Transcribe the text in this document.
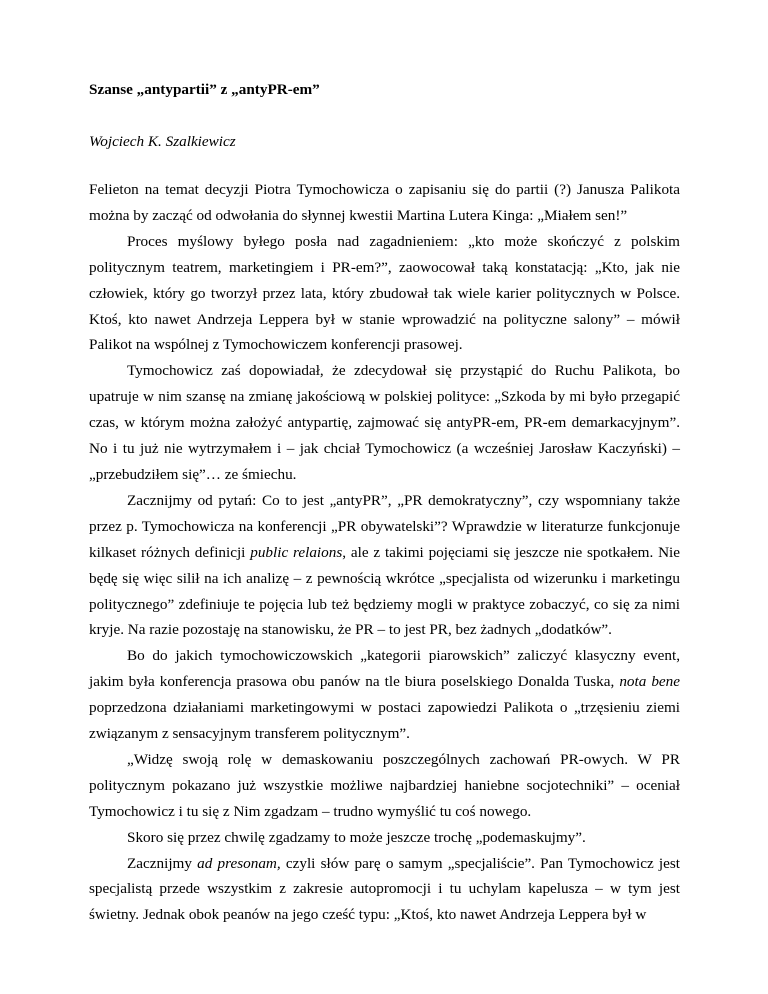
Szanse „antypartii” z „antyPR-em”
Wojciech K. Szalkiewicz

Felieton na temat decyzji Piotra Tymochowicza o zapisaniu się do partii (?) Janusza Palikota można by zacząć od odwołania do słynnej kwestii Martina Lutera Kinga: „Miałem sen!”

Proces myślowy byłego posła nad zagadnieniem: „kto może skończyć z polskim politycznym teatrem, marketingiem i PR-em?”, zaowocował taką konstatacją: „Kto, jak nie człowiek, który go tworzył przez lata, który zbudował tak wiele karier politycznych w Polsce. Ktoś, kto nawet Andrzeja Leppera był w stanie wprowadzić na polityczne salony” – mówił Palikot na wspólnej z Tymochowiczem konferencji prasowej.

Tymochowicz zaś dopowiadał, że zdecydował się przystąpić do Ruchu Palikota, bo upatruje w nim szansę na zmianę jakościową w polskiej polityce: „Szkoda by mi było przegapić czas, w którym można założyć antypartię, zajmować się antyPR-em, PR-em demarkacyjnym”. No i tu już nie wytrzymałem i – jak chciał Tymochowicz (a wcześniej Jarosław Kaczyński) – „przebudziłem się”… ze śmiechu.

Zacznijmy od pytań: Co to jest „antyPR”, „PR demokratyczny”, czy wspomniany także przez p. Tymochowicza na konferencji „PR obywatelski”? Wprawdzie w literaturze funkcjonuje kilkaset różnych definicji public relaions, ale z takimi pojęciami się jeszcze nie spotkałem. Nie będę się więc silił na ich analizę – z pewnością wkrótce „specjalista od wizerunku i marketingu politycznego” zdefiniuje te pojęcia lub też będziemy mogli w praktyce zobaczyć, co się za nimi kryje. Na razie pozostaję na stanowisku, że PR – to jest PR, bez żadnych „dodatków”.

Bo do jakich tymochowiczowskich „kategorii piarowskich” zaliczyć klasyczny event, jakim była konferencja prasowa obu panów na tle biura poselskiego Donalda Tuska, nota bene poprzedzona działaniami marketingowymi w postaci zapowiedzi Palikota o „trzęsieniu ziemi związanym z sensacyjnym transferem politycznym”.

„Widzę swoją rolę w demaskowaniu poszczególnych zachowań PR-owych. W PR politycznym pokazano już wszystkie możliwe najbardziej haniebne socjotechniki” – oceniał Tymochowicz i tu się z Nim zgadzam – trudno wymyślić tu coś nowego.

Skoro się przez chwilę zgadzamy to może jeszcze trochę „podemaskujmy”.

Zacznijmy ad presonam, czyli słów parę o samym „specjaliście”. Pan Tymochowicz jest specjalistą przede wszystkim z zakresie autopromocji i tu uchylam kapelusza – w tym jest świetny. Jednak obok peanów na jego cześć typu: „Ktoś, kto nawet Andrzeja Leppera był w
